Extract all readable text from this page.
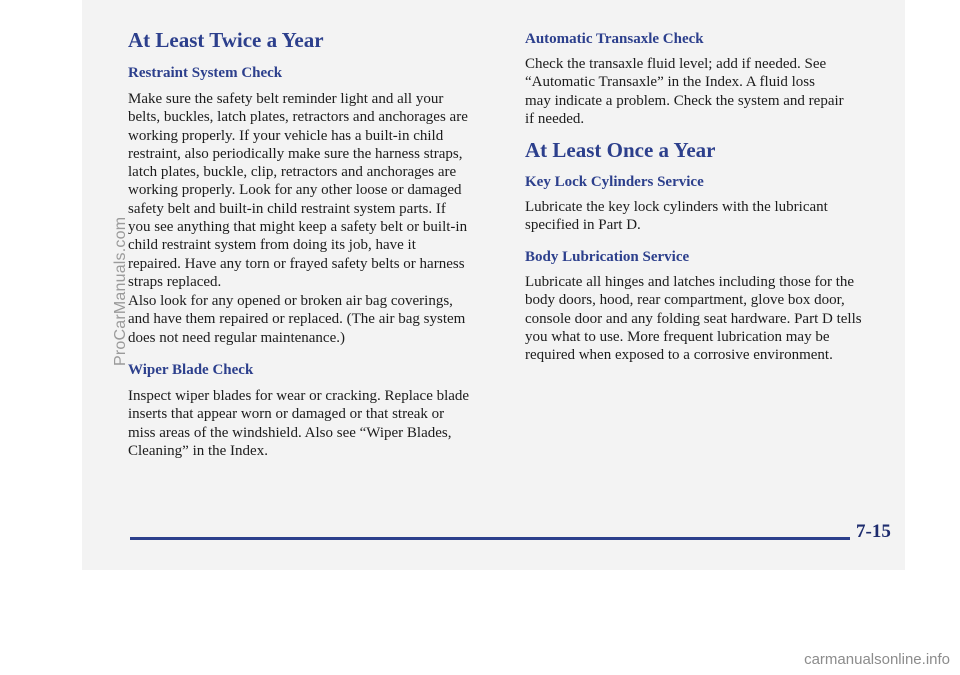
At Least Twice a Year
Restraint System Check

Make sure the safety belt reminder light and all your

belts, buckles, latch plates, retractors and anchorages are

working properly. If your vehicle has a built-in child

restraint, also periodically make sure the harness straps,

latch plates, buckle, clip, retractors and anchorages are

working properly. Look for any other loose or damaged

safety belt and built-in child restraint system parts. If

you see anything that might keep a safety belt or built-in

child restraint system from doing its job, have it

repaired. Have any torn or frayed safety belts or harness

straps replaced.

Also look for any opened or broken air bag coverings,

and have them repaired or replaced. (The air bag system

does not need regular maintenance.)

Wiper Blade Check

Inspect wiper blades for wear or cracking. Replace blade

inserts that appear worn or damaged or that streak or

miss areas of the windshield. Also see “Wiper Blades,

Cleaning” in the Index.

Automatic Transaxle Check

Check the transaxle fluid level; add if needed. See

“Automatic Transaxle” in the Index. A fluid loss

may indicate a problem. Check the system and repair

if needed.

At Least Once a Year
Key Lock Cylinders Service

Lubricate the key lock cylinders with the lubricant

specified in Part D.

Body Lubrication Service

Lubricate all hinges and latches including those for the

body doors, hood, rear compartment, glove box door,

console door and any folding seat hardware. Part D tells

you what to use. More frequent lubrication may be

required when exposed to a corrosive environment.

7-15
carmanualsonline.info
